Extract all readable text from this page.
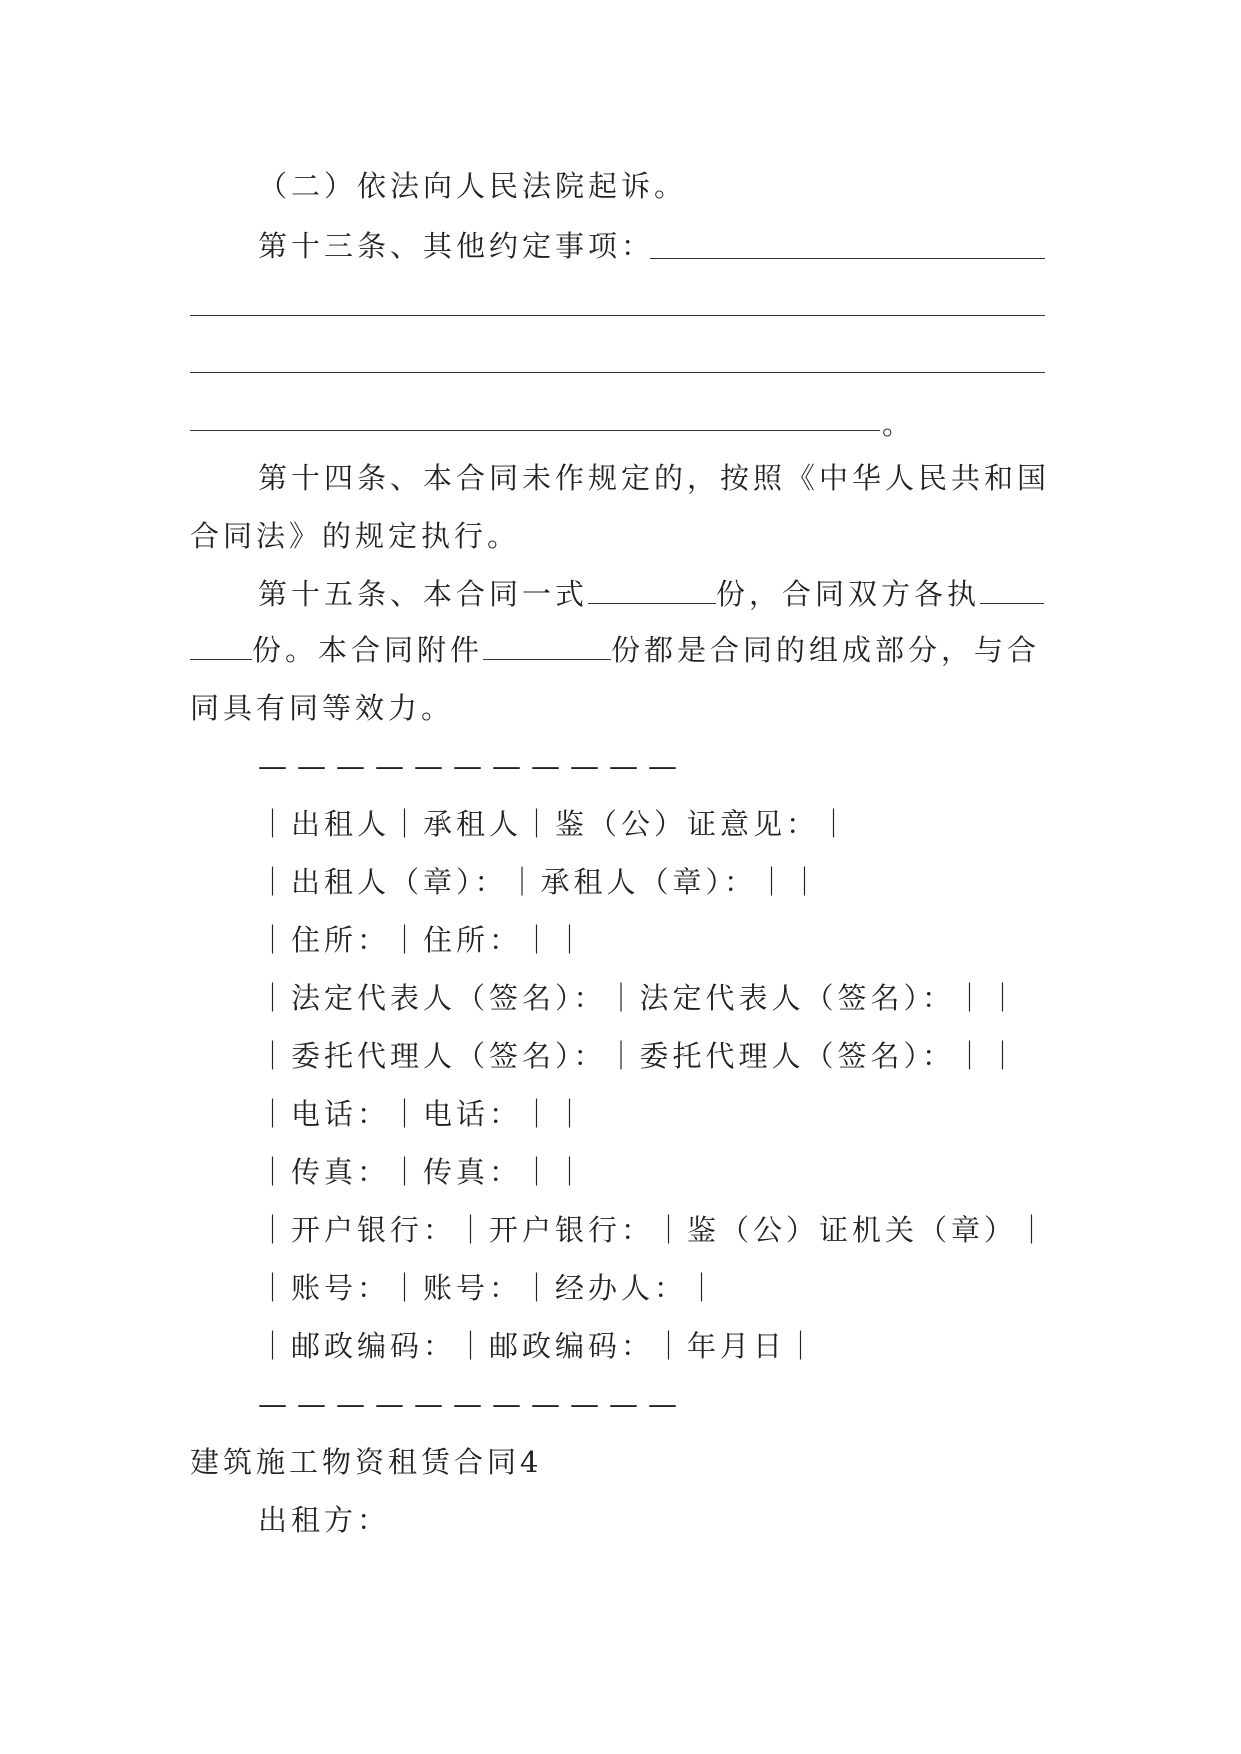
（二）依法向人民法院起诉。
第十三条、其他约定事项：
。
第十四条、本合同未作规定的，按照《中华人民共和国
合同法》的规定执行。
第十五条、本合同一式	份，合同双方各执
份。本合同附件	份都是合同的组成部分，与合
同具有同等效力。
———————————
｜出租人｜承租人｜鉴（公）证意见：｜
｜出租人（章）：｜承租人（章）：｜｜
｜住所：｜住所：｜｜
｜法定代表人（签名）：｜法定代表人（签名）：｜｜
｜委托代理人（签名）：｜委托代理人（签名）：｜｜
｜电话：｜电话：｜｜
｜传真：｜传真：｜｜
｜开户银行：｜开户银行：｜鉴（公）证机关（章）｜
｜账号：｜账号：｜经办人：｜
｜邮政编码：｜邮政编码：｜年月日｜
———————————
建筑施工物资租赁合同4
出租方：
